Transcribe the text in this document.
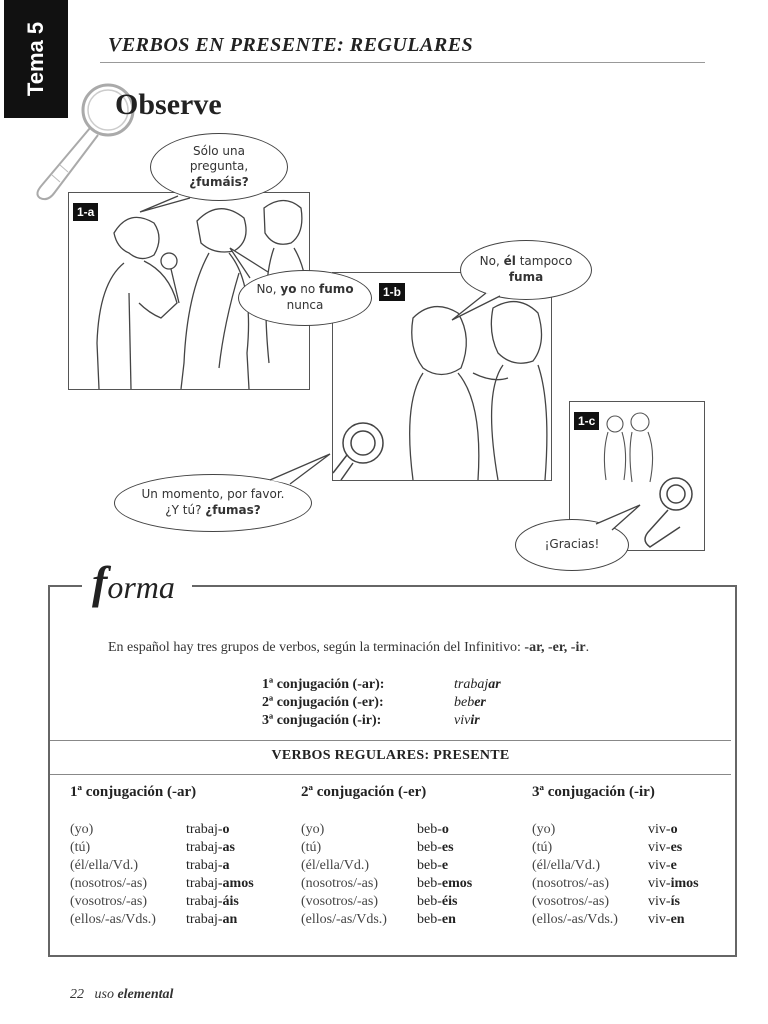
Tema 5	VERBOS EN PRESENTE: REGULARES
Observe
1-a
1-b
1-c
Sólo una
pregunta,
¿fumáis?
No, yo no fumo
nunca
No, él tampoco
fuma
Un momento, por favor.
¿Y tú? ¿fumas?
¡Gracias!
forma
En español hay tres grupos de verbos, según la terminación del Infinitivo: -ar, -er, -ir.
1ª conjugación (-ar):	trabajar
2ª conjugación (-er):	beber
3ª conjugación (-ir):	vivir
VERBOS REGULARES: PRESENTE
1ª conjugación (-ar)
(yo)	trabaj-o
(tú)	trabaj-as
(él/ella/Vd.)	trabaj-a
(nosotros/-as)	trabaj-amos
(vosotros/-as)	trabaj-áis
(ellos/-as/Vds.)	trabaj-an
2ª conjugación (-er)
(yo)	beb-o
(tú)	beb-es
(él/ella/Vd.)	beb-e
(nosotros/-as)	beb-emos
(vosotros/-as)	beb-éis
(ellos/-as/Vds.)	beb-en
3ª conjugación (-ir)
(yo)	viv-o
(tú)	viv-es
(él/ella/Vd.)	viv-e
(nosotros/-as)	viv-imos
(vosotros/-as)	viv-ís
(ellos/-as/Vds.)	viv-en
22 uso elemental
